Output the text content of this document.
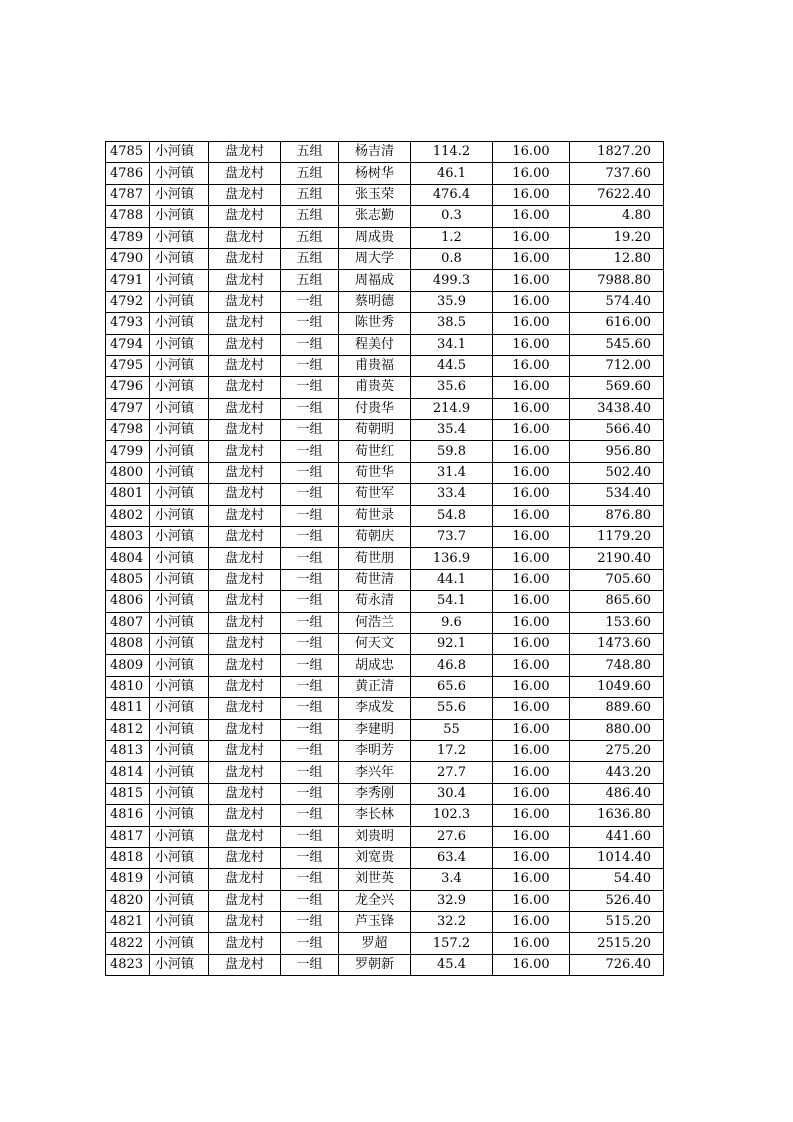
4785	小河镇	盘龙村	五组	杨吉清	114.2	16.00	1827.20
4786	小河镇	盘龙村	五组	杨树华	46.1	16.00	737.60
4787	小河镇	盘龙村	五组	张玉荣	476.4	16.00	7622.40
4788	小河镇	盘龙村	五组	张志勤	0.3	16.00	4.80
4789	小河镇	盘龙村	五组	周成贵	1.2	16.00	19.20
4790	小河镇	盘龙村	五组	周大学	0.8	16.00	12.80
4791	小河镇	盘龙村	五组	周福成	499.3	16.00	7988.80
4792	小河镇	盘龙村	一组	蔡明德	35.9	16.00	574.40
4793	小河镇	盘龙村	一组	陈世秀	38.5	16.00	616.00
4794	小河镇	盘龙村	一组	程美付	34.1	16.00	545.60
4795	小河镇	盘龙村	一组	甫贵福	44.5	16.00	712.00
4796	小河镇	盘龙村	一组	甫贵英	35.6	16.00	569.60
4797	小河镇	盘龙村	一组	付贵华	214.9	16.00	3438.40
4798	小河镇	盘龙村	一组	荀朝明	35.4	16.00	566.40
4799	小河镇	盘龙村	一组	荀世红	59.8	16.00	956.80
4800	小河镇	盘龙村	一组	荀世华	31.4	16.00	502.40
4801	小河镇	盘龙村	一组	荀世军	33.4	16.00	534.40
4802	小河镇	盘龙村	一组	荀世录	54.8	16.00	876.80
4803	小河镇	盘龙村	一组	荀朝庆	73.7	16.00	1179.20
4804	小河镇	盘龙村	一组	荀世朋	136.9	16.00	2190.40
4805	小河镇	盘龙村	一组	荀世清	44.1	16.00	705.60
4806	小河镇	盘龙村	一组	荀永清	54.1	16.00	865.60
4807	小河镇	盘龙村	一组	何浩兰	9.6	16.00	153.60
4808	小河镇	盘龙村	一组	何天文	92.1	16.00	1473.60
4809	小河镇	盘龙村	一组	胡成忠	46.8	16.00	748.80
4810	小河镇	盘龙村	一组	黄正清	65.6	16.00	1049.60
4811	小河镇	盘龙村	一组	李成发	55.6	16.00	889.60
4812	小河镇	盘龙村	一组	李建明	55	16.00	880.00
4813	小河镇	盘龙村	一组	李明芳	17.2	16.00	275.20
4814	小河镇	盘龙村	一组	李兴年	27.7	16.00	443.20
4815	小河镇	盘龙村	一组	李秀刚	30.4	16.00	486.40
4816	小河镇	盘龙村	一组	李长林	102.3	16.00	1636.80
4817	小河镇	盘龙村	一组	刘贵明	27.6	16.00	441.60
4818	小河镇	盘龙村	一组	刘宽贵	63.4	16.00	1014.40
4819	小河镇	盘龙村	一组	刘世英	3.4	16.00	54.40
4820	小河镇	盘龙村	一组	龙全兴	32.9	16.00	526.40
4821	小河镇	盘龙村	一组	芦玉锋	32.2	16.00	515.20
4822	小河镇	盘龙村	一组	罗超	157.2	16.00	2515.20
4823	小河镇	盘龙村	一组	罗朝新	45.4	16.00	726.40
